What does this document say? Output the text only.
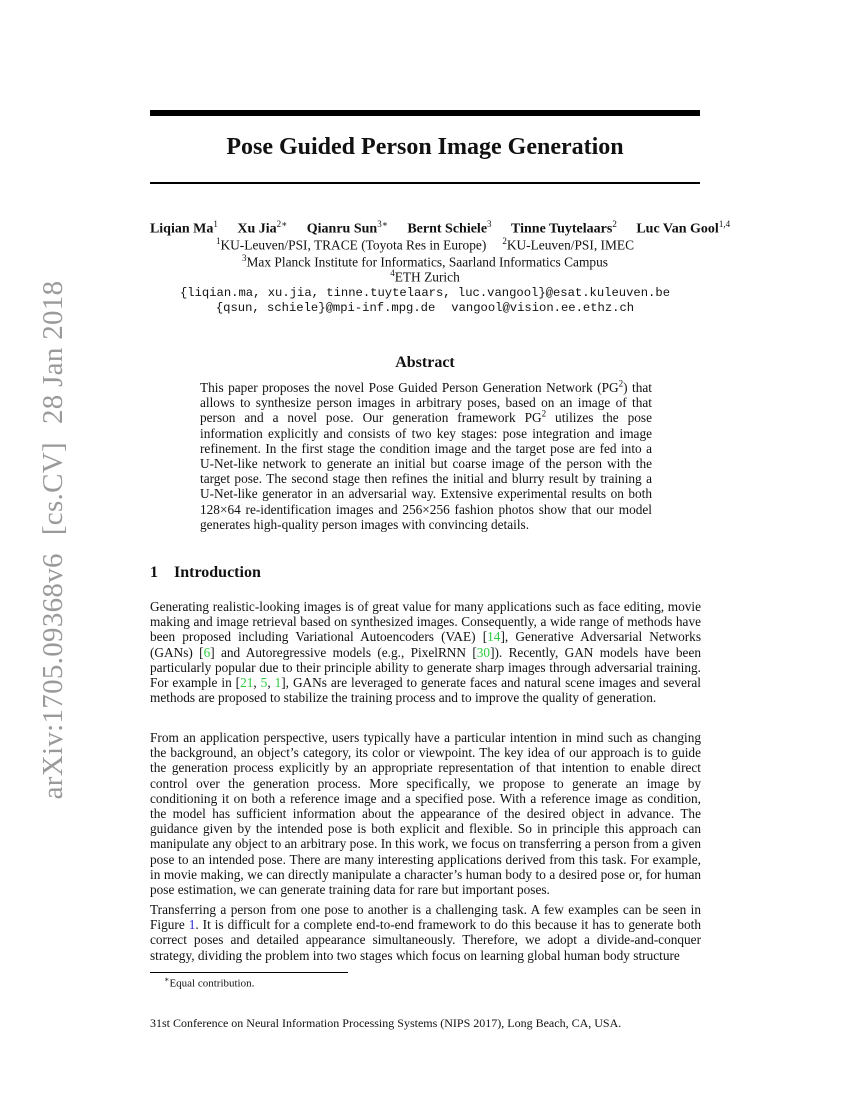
arXiv:1705.09368v6[cs.CV]28 Jan 2018
Pose Guided Person Image Generation
Liqian Ma$^1$ Xu Jia$^{2∗}$ Qianru Sun$^{3∗}$ Bernt Schiele$^3$ Tinne Tuytelaars$^2$ Luc Van Gool$^{1,4}$
$^1$KU-Leuven/PSI, TRACE (Toyota Res in Europe) $^2$KU-Leuven/PSI, IMEC
$^3$Max Planck Institute for Informatics, Saarland Informatics Campus
$^4$ETH Zurich
{liqian.ma, xu.jia, tinne.tuytelaars, luc.vangool}@esat.kuleuven.be
{qsun, schiele}@mpi-inf.mpg.de vangool@vision.ee.ethz.ch
Abstract
This paper proposes the novel Pose Guided Person Generation Network $(PG^2)$ that allows to synthesize person images in arbitrary poses, based on an image of that person and a novel pose. Our generation framework $PG^2$ utilizes the pose information explicitly and consists of two key stages: pose integration and image refinement. In the first stage the condition image and the target pose are fed into a U-Net-like network to generate an initial but coarse image of the person with the target pose. The second stage then refines the initial and blurry result by training a U-Net-like generator in an adversarial way. Extensive experimental results on both 128×64 re-identification images and 256×256 fashion photos show that our model generates high-quality person images with convincing details.
1 Introduction
Generating realistic-looking images is of great value for many applications such as face editing, movie making and image retrieval based on synthesized images. Consequently, a wide range of methods have been proposed including Variational Autoencoders (VAE) [14], Generative Adversarial Networks (GANs) [6] and Autoregressive models (e.g., PixelRNN [30]). Recently, GAN models have been particularly popular due to their principle ability to generate sharp images through adversarial training. For example in [21, 5, 1], GANs are leveraged to generate faces and natural scene images and several methods are proposed to stabilize the training process and to improve the quality of generation.
From an application perspective, users typically have a particular intention in mind such as changing the background, an object’s category, its color or viewpoint. The key idea of our approach is to guide the generation process explicitly by an appropriate representation of that intention to enable direct control over the generation process. More specifically, we propose to generate an image by conditioning it on both a reference image and a specified pose. With a reference image as condition, the model has sufficient information about the appearance of the desired object in advance. The guidance given by the intended pose is both explicit and flexible. So in principle this approach can manipulate any object to an arbitrary pose. In this work, we focus on transferring a person from a given pose to an intended pose. There are many interesting applications derived from this task. For example, in movie making, we can directly manipulate a character’s human body to a desired pose or, for human pose estimation, we can generate training data for rare but important poses.
Transferring a person from one pose to another is a challenging task. A few examples can be seen in Figure 1. It is difficult for a complete end-to-end framework to do this because it has to generate both correct poses and detailed appearance simultaneously. Therefore, we adopt a divide-and-conquer strategy, dividing the problem into two stages which focus on learning global human body structure
∗Equal contribution.
31st Conference on Neural Information Processing Systems (NIPS 2017), Long Beach, CA, USA.
